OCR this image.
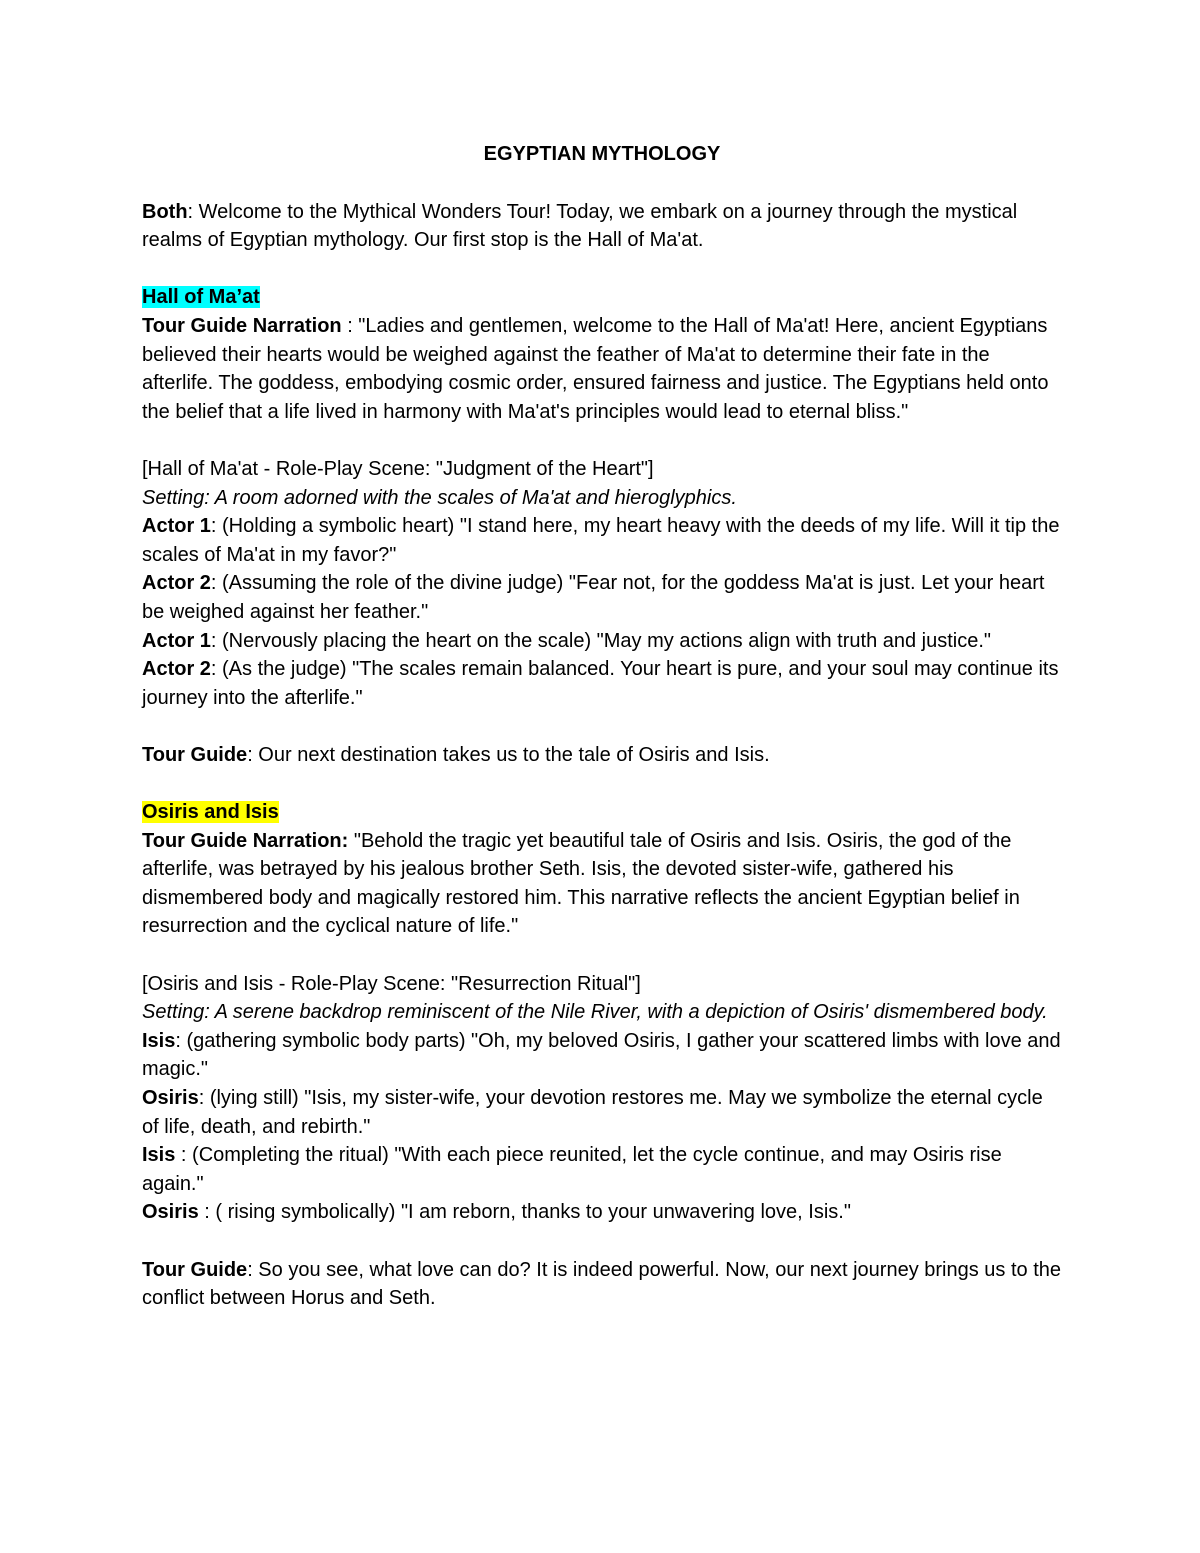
EGYPTIAN MYTHOLOGY

Both: Welcome to the Mythical Wonders Tour! Today, we embark on a journey through the mystical realms of Egyptian mythology. Our first stop is the Hall of Ma'at.

Hall of Ma’at

Tour Guide Narration : "Ladies and gentlemen, welcome to the Hall of Ma'at! Here, ancient Egyptians believed their hearts would be weighed against the feather of Ma'at to determine their fate in the afterlife. The goddess, embodying cosmic order, ensured fairness and justice. The Egyptians held onto the belief that a life lived in harmony with Ma'at's principles would lead to eternal bliss."

[Hall of Ma'at - Role-Play Scene: "Judgment of the Heart"]

Setting: A room adorned with the scales of Ma'at and hieroglyphics.

Actor 1: (Holding a symbolic heart) "I stand here, my heart heavy with the deeds of my life. Will it tip the scales of Ma'at in my favor?"

Actor 2: (Assuming the role of the divine judge) "Fear not, for the goddess Ma'at is just. Let your heart be weighed against her feather."

Actor 1: (Nervously placing the heart on the scale) "May my actions align with truth and justice."

Actor 2: (As the judge) "The scales remain balanced. Your heart is pure, and your soul may continue its journey into the afterlife."

Tour Guide: Our next destination takes us to the tale of Osiris and Isis.

Osiris and Isis

Tour Guide Narration: "Behold the tragic yet beautiful tale of Osiris and Isis. Osiris, the god of the afterlife, was betrayed by his jealous brother Seth. Isis, the devoted sister-wife, gathered his dismembered body and magically restored him. This narrative reflects the ancient Egyptian belief in resurrection and the cyclical nature of life."

[Osiris and Isis - Role-Play Scene: "Resurrection Ritual"]

Setting: A serene backdrop reminiscent of the Nile River, with a depiction of Osiris' dismembered body.

Isis: (gathering symbolic body parts) "Oh, my beloved Osiris, I gather your scattered limbs with love and magic."

Osiris: (lying still) "Isis, my sister-wife, your devotion restores me. May we symbolize the eternal cycle of life, death, and rebirth."

Isis : (Completing the ritual) "With each piece reunited, let the cycle continue, and may Osiris rise again."

Osiris : ( rising symbolically) "I am reborn, thanks to your unwavering love, Isis."

Tour Guide: So you see, what love can do? It is indeed powerful. Now, our next journey brings us to the conflict between Horus and Seth.
